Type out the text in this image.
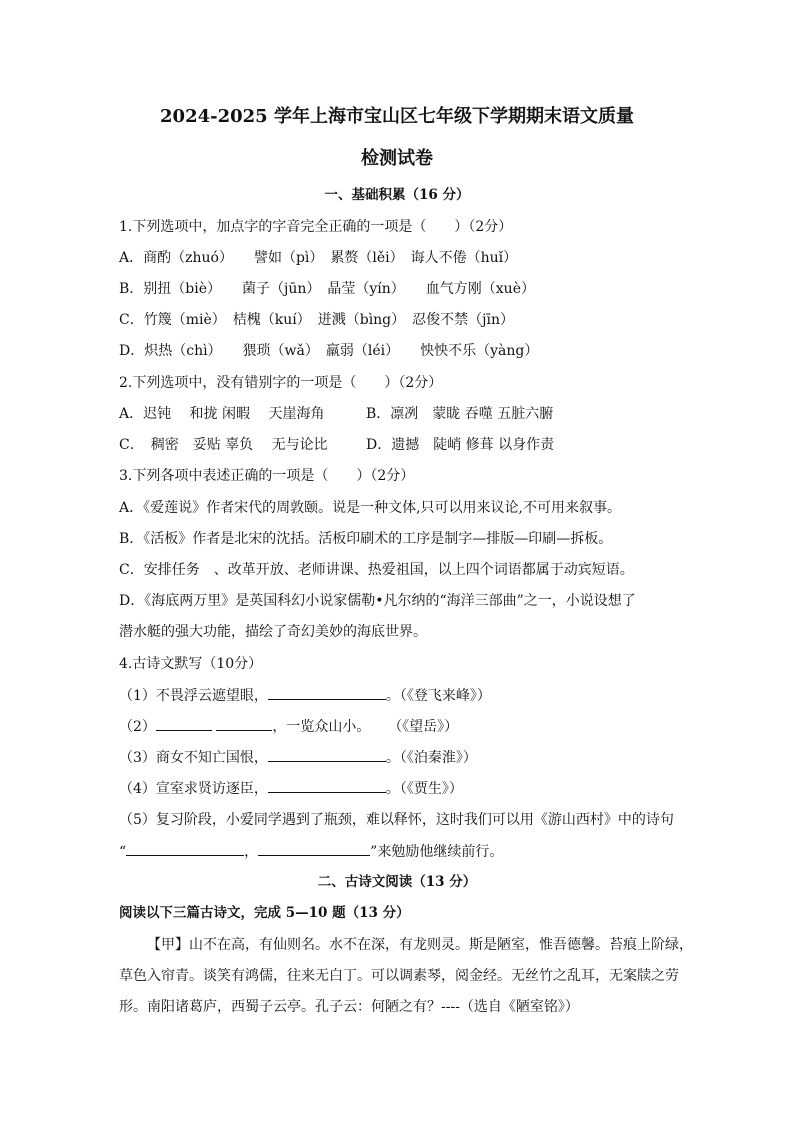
2024-2025 学年上海市宝山区七年级下学期期末语文质量
检测试卷
一、基础积累（16 分）
1.下列选项中，加点字的字音完全正确的一项是（　　）（2分）
A．商酌（zhuó）　　譬如（pì）　累赘（lěi）　诲人不倦（huǐ）
B．别扭（biè）　　菌子（jūn）　晶莹（yín）　　血气方刚（xuè）
C．竹篾（miè）　桔槐（kuí）　迸溅（bìng）　忍俊不禁（jīn）
D．炽热（chì）　　猥琐（wǎ）　羸弱（léi）　　怏怏不乐（yàng）
2.下列选项中，没有错别字的一项是（　　）（2分）
A．迟钝　 和拢 闲暇　 天崖海角	B．凛冽　蒙眬 吞噬 五脏六腑
C．　稠密　妥贴 辜负　 无与论比	D．遗撼　陡峭 修葺 以身作责
3.下列各项中表述正确的一项是（　　）（2分）
A．《爱莲说》作者宋代的周敦颐。说是一种文体,只可以用来议论,不可用来叙事。
B．《活板》作者是北宋的沈括。活板印刷术的工序是制字—排版—印刷—拆板。
C．安排任务　、改革开放、老师讲课、热爱祖国，以上四个词语都属于动宾短语。
D．《海底两万里》是英国科幻小说家儒勒•凡尔纳的“海洋三部曲”之一，小说设想了
潜水艇的强大功能，描绘了奇幻美妙的海底世界。
4.古诗文默写（10分）
（1）不畏浮云遮望眼，	。（《登飞来峰》）
（2）	，一览众山小。 （《望岳》）
（3）商女不知亡国恨，	。（《泊秦淮》）
（4）宣室求贤访逐臣，	。（《贾生》）
（5）复习阶段，小爱同学遇到了瓶颈，难以释怀，这时我们可以用《游山西村》中的诗句
“	，	”来勉励他继续前行。
二、古诗文阅读（13 分）
阅读以下三篇古诗文，完成 5—10 题（13 分）
【甲】山不在高，有仙则名。水不在深，有龙则灵。斯是陋室，惟吾德馨。苔痕上阶绿，
草色入帘青。谈笑有鸿儒，往来无白丁。可以调素琴，阅金经。无丝竹之乱耳，无案牍之劳
形。南阳诸葛庐，西蜀子云亭。孔子云：何陋之有？----（选自《陋室铭》）
